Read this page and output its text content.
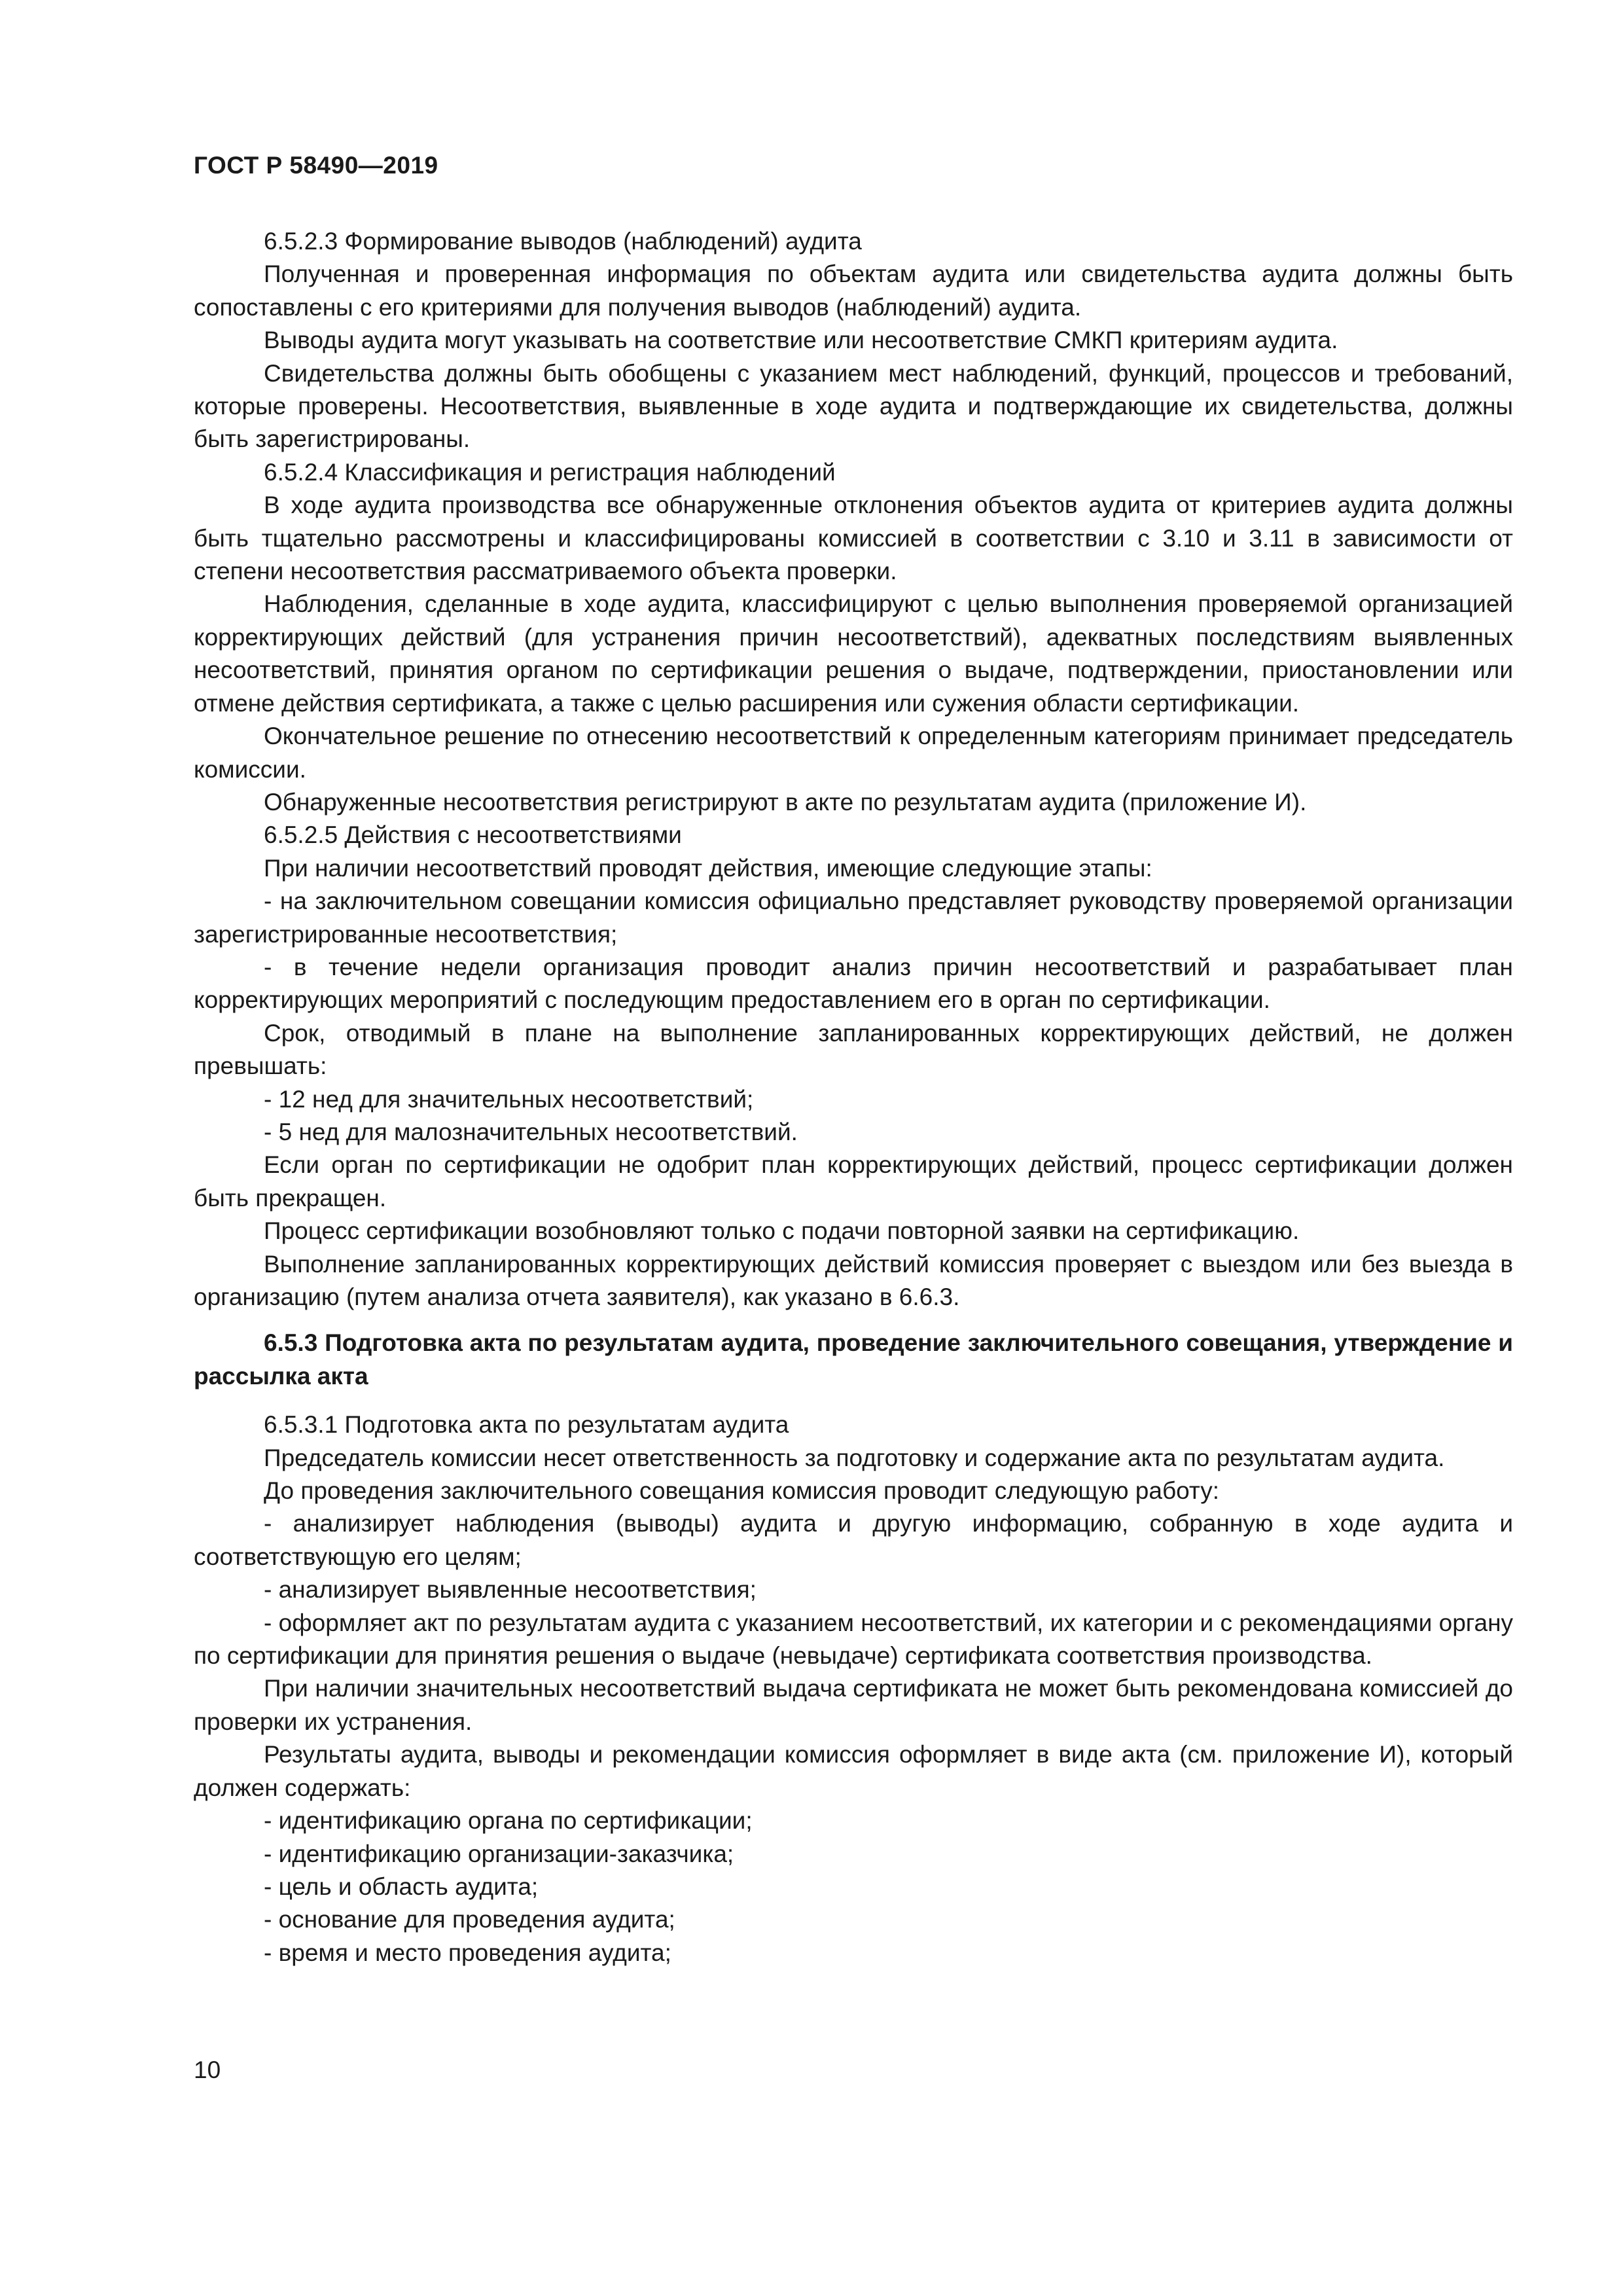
ГОСТ Р 58490—2019

6.5.2.3 Формирование выводов (наблюдений) аудита

Полученная и проверенная информация по объектам аудита или свидетельства аудита должны быть сопоставлены с его критериями для получения выводов (наблюдений) аудита.

Выводы аудита могут указывать на соответствие или несоответствие СМКП критериям аудита.

Свидетельства должны быть обобщены с указанием мест наблюдений, функций, процессов и требований, которые проверены. Несоответствия, выявленные в ходе аудита и подтверждающие их свидетельства, должны быть зарегистрированы.

6.5.2.4 Классификация и регистрация наблюдений

В ходе аудита производства все обнаруженные отклонения объектов аудита от критериев аудита должны быть тщательно рассмотрены и классифицированы комиссией в соответствии с 3.10 и 3.11 в зависимости от степени несоответствия рассматриваемого объекта проверки.

Наблюдения, сделанные в ходе аудита, классифицируют с целью выполнения проверяемой организацией корректирующих действий (для устранения причин несоответствий), адекватных последствиям выявленных несоответствий, принятия органом по сертификации решения о выдаче, подтверждении, приостановлении или отмене действия сертификата, а также с целью расширения или сужения области сертификации.

Окончательное решение по отнесению несоответствий к определенным категориям принимает председатель комиссии.

Обнаруженные несоответствия регистрируют в акте по результатам аудита (приложение И).

6.5.2.5 Действия с несоответствиями

При наличии несоответствий проводят действия, имеющие следующие этапы:

- на заключительном совещании комиссия официально представляет руководству проверяемой организации зарегистрированные несоответствия;

- в течение недели организация проводит анализ причин несоответствий и разрабатывает план корректирующих мероприятий с последующим предоставлением его в орган по сертификации.

Срок, отводимый в плане на выполнение запланированных корректирующих действий, не должен превышать:

- 12 нед для значительных несоответствий;

- 5 нед для малозначительных несоответствий.

Если орган по сертификации не одобрит план корректирующих действий, процесс сертификации должен быть прекращен.

Процесс сертификации возобновляют только с подачи повторной заявки на сертификацию.

Выполнение запланированных корректирующих действий комиссия проверяет с выездом или без выезда в организацию (путем анализа отчета заявителя), как указано в 6.6.3.

6.5.3 Подготовка акта по результатам аудита, проведение заключительного совещания, утверждение и рассылка акта

6.5.3.1 Подготовка акта по результатам аудита

Председатель комиссии несет ответственность за подготовку и содержание акта по результатам аудита.

До проведения заключительного совещания комиссия проводит следующую работу:

- анализирует наблюдения (выводы) аудита и другую информацию, собранную в ходе аудита и соответствующую его целям;

- анализирует выявленные несоответствия;

- оформляет акт по результатам аудита с указанием несоответствий, их категории и с рекомендациями органу по сертификации для принятия решения о выдаче (невыдаче) сертификата соответствия производства.

При наличии значительных несоответствий выдача сертификата не может быть рекомендована комиссией до проверки их устранения.

Результаты аудита, выводы и рекомендации комиссия оформляет в виде акта (см. приложение И), который должен содержать:

- идентификацию органа по сертификации;

- идентификацию организации-заказчика;

- цель и область аудита;

- основание для проведения аудита;

- время и место проведения аудита;

10
